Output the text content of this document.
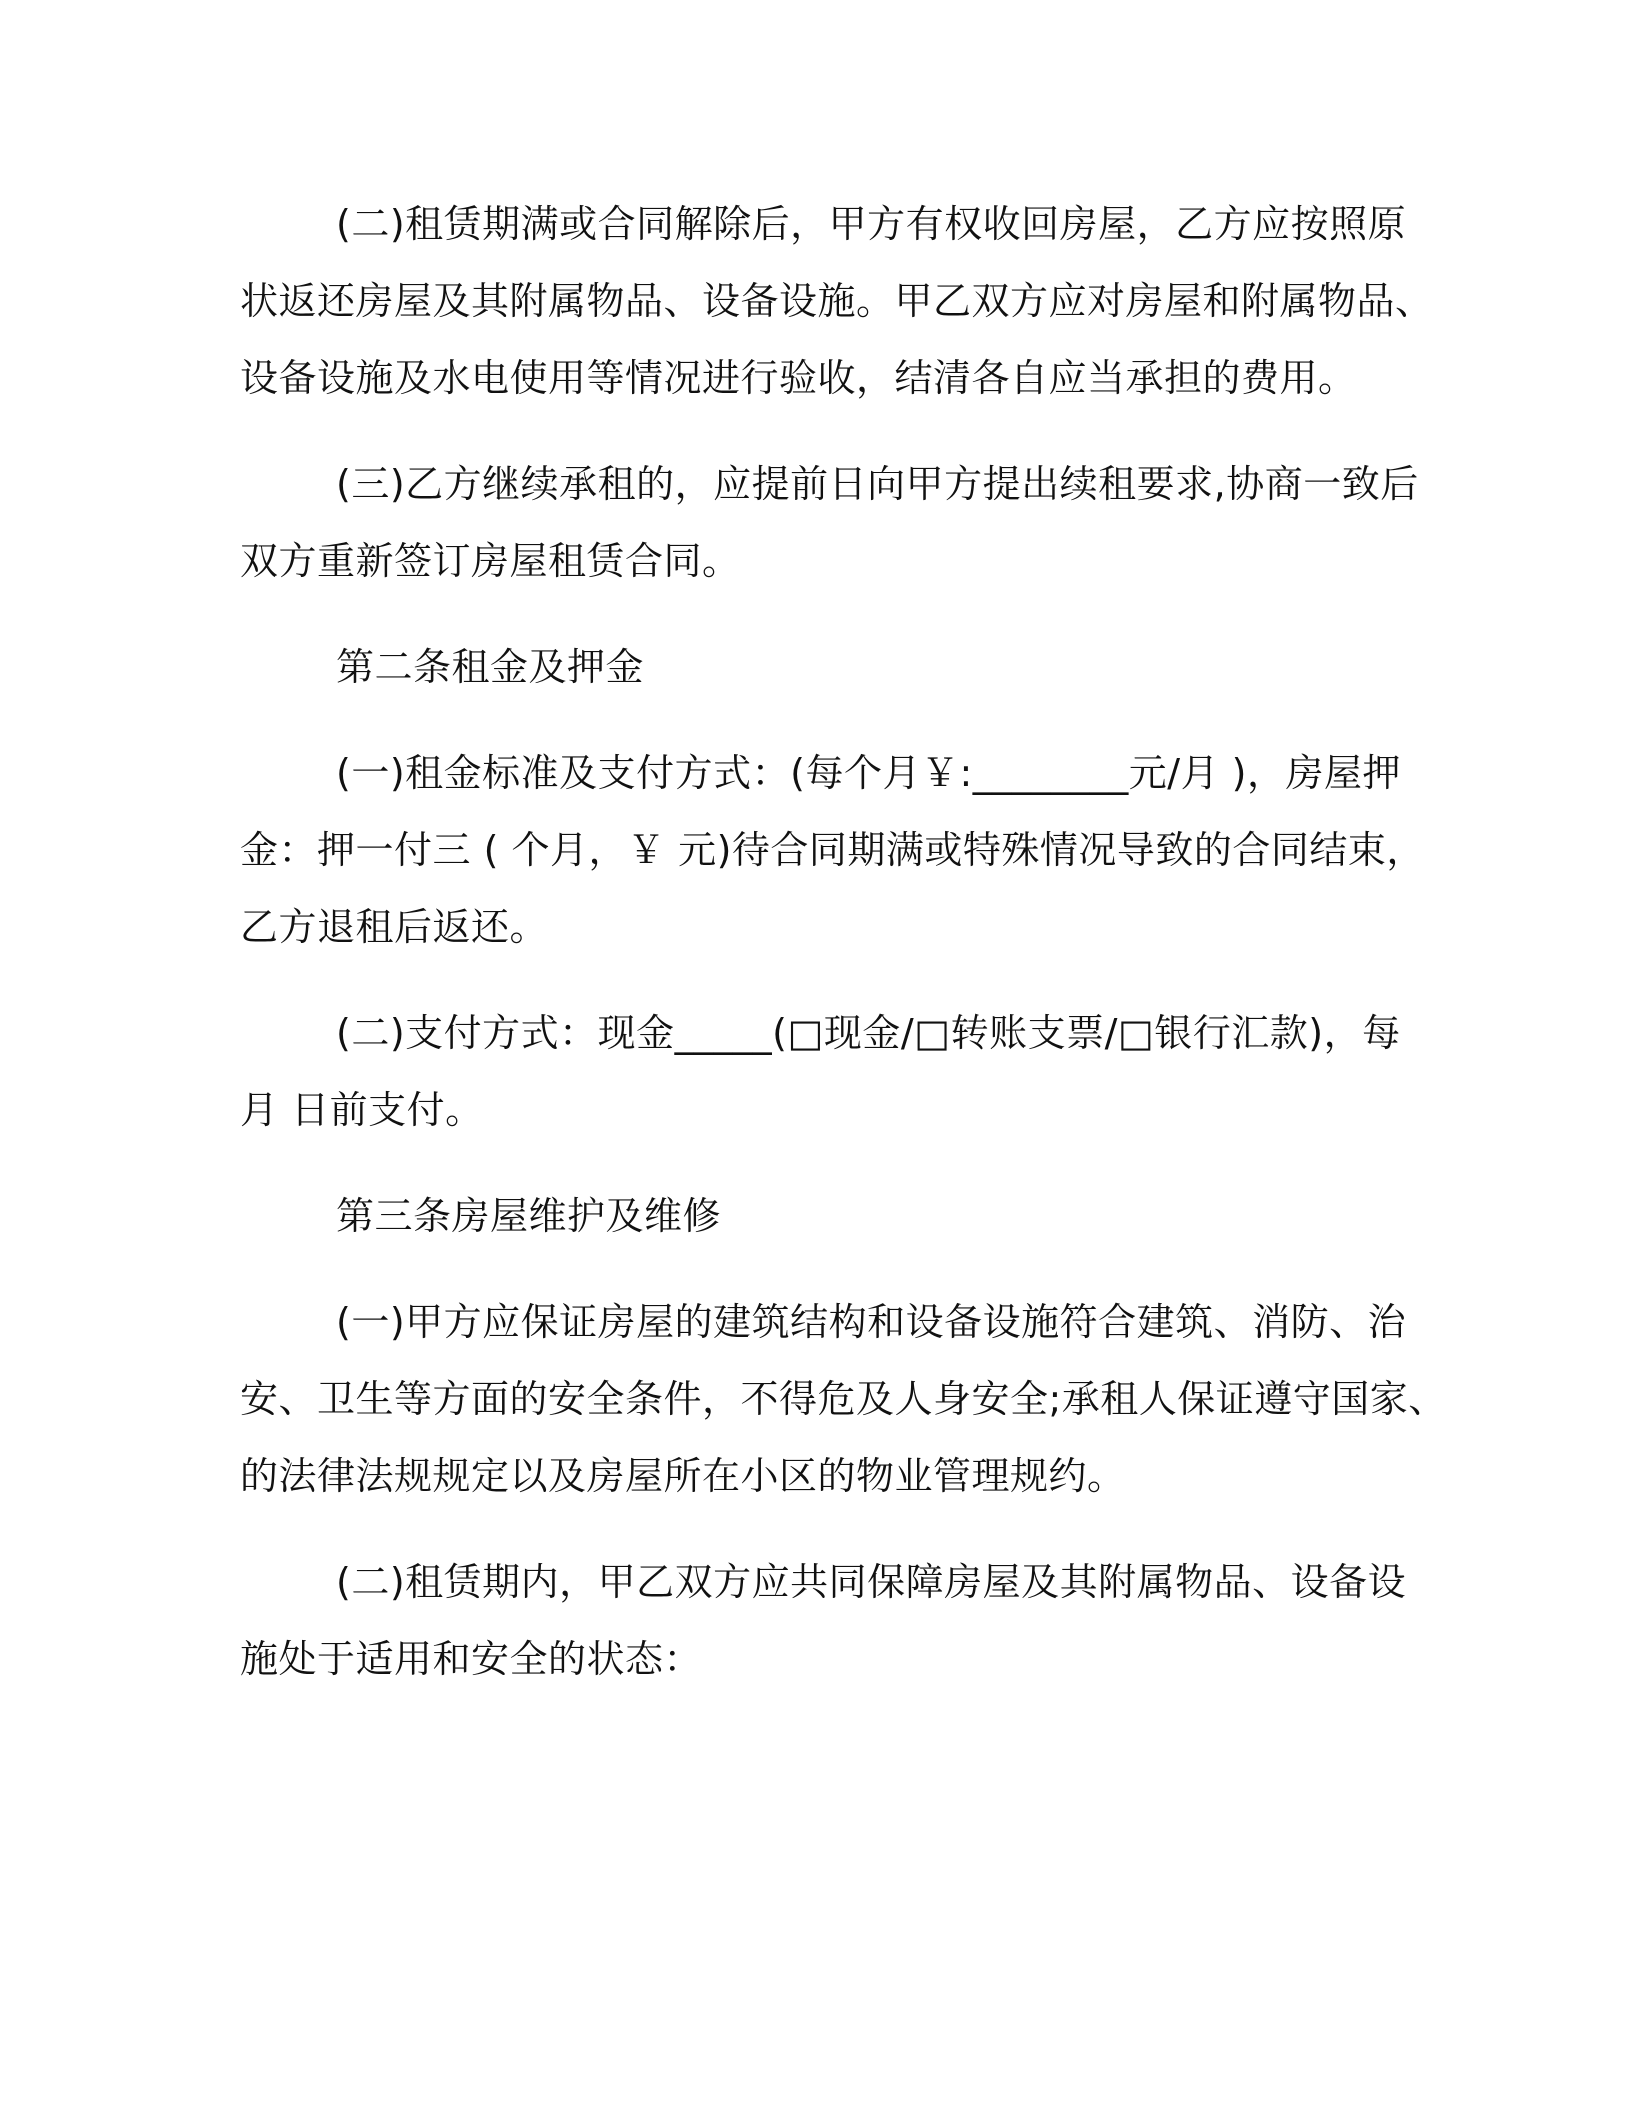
(二)租赁期满或合同解除后，甲方有权收回房屋，乙方应按照原
状返还房屋及其附属物品、设备设施。甲乙双方应对房屋和附属物品、
设备设施及水电使用等情况进行验收，结清各自应当承担的费用。

(三)乙方继续承租的，应提前日向甲方提出续租要求,协商一致后
双方重新签订房屋租赁合同。

第二条租金及押金

(一)租金标准及支付方式：(每个月￥:________元/月 )，房屋押
金：押一付三 ( 个月，￥ 元)待合同期满或特殊情况导致的合同结束，
乙方退租后返还。

(二)支付方式：现金_____(□现金/□转账支票/□银行汇款)，每
月 日前支付。

第三条房屋维护及维修

(一)甲方应保证房屋的建筑结构和设备设施符合建筑、消防、治
安、卫生等方面的安全条件，不得危及人身安全;承租人保证遵守国家、
的法律法规规定以及房屋所在小区的物业管理规约。

(二)租赁期内，甲乙双方应共同保障房屋及其附属物品、设备设
施处于适用和安全的状态：
